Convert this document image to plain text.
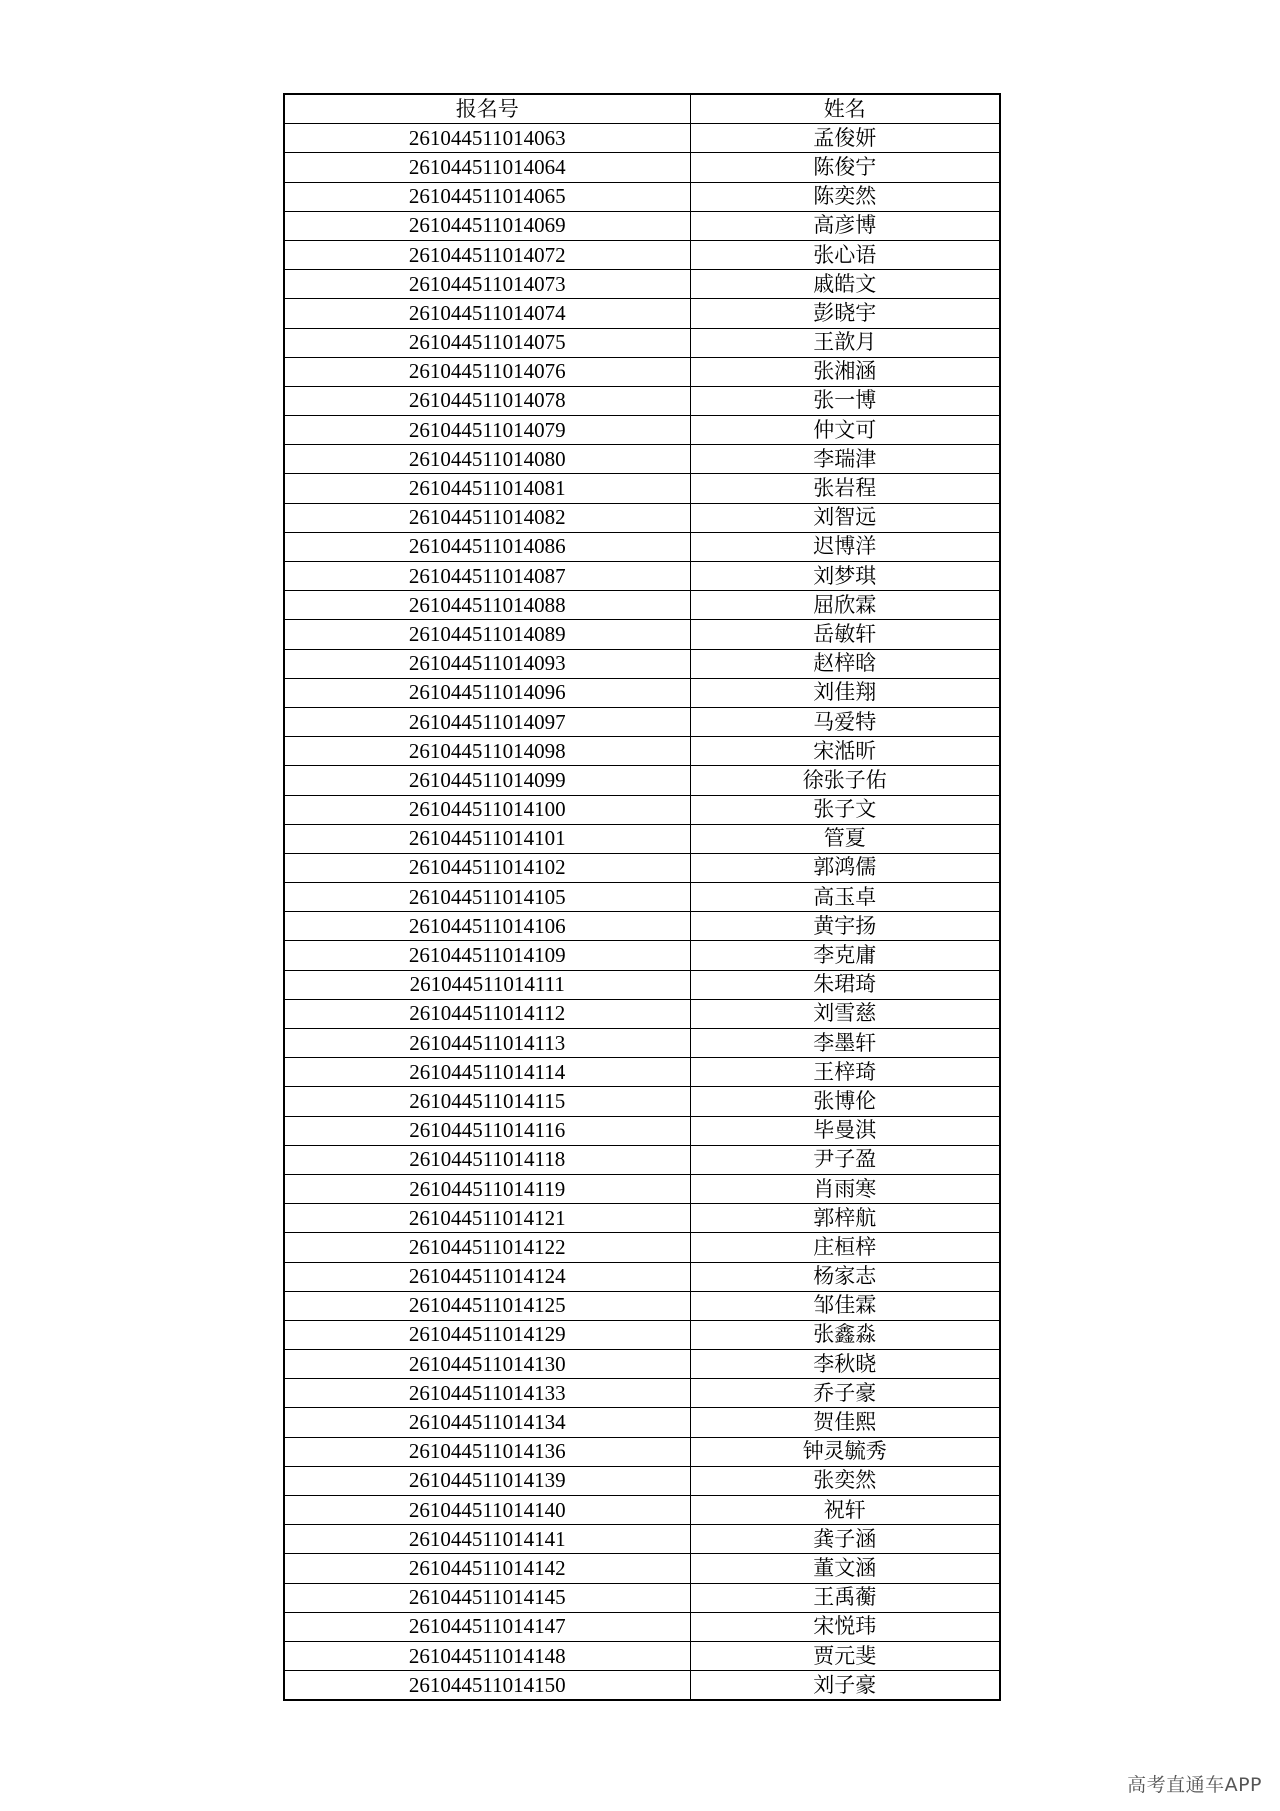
报名号	姓名
261044511014063	孟俊妍
261044511014064	陈俊宁
261044511014065	陈奕然
261044511014069	高彦博
261044511014072	张心语
261044511014073	戚皓文
261044511014074	彭晓宇
261044511014075	王歆月
261044511014076	张湘涵
261044511014078	张一博
261044511014079	仲文可
261044511014080	李瑞津
261044511014081	张岩程
261044511014082	刘智远
261044511014086	迟博洋
261044511014087	刘梦琪
261044511014088	屈欣霖
261044511014089	岳敏轩
261044511014093	赵梓晗
261044511014096	刘佳翔
261044511014097	马爱特
261044511014098	宋湉昕
261044511014099	徐张子佑
261044511014100	张子文
261044511014101	管夏
261044511014102	郭鸿儒
261044511014105	高玉卓
261044511014106	黄宇扬
261044511014109	李克庸
261044511014111	朱珺琦
261044511014112	刘雪慈
261044511014113	李墨轩
261044511014114	王梓琦
261044511014115	张博伦
261044511014116	毕曼淇
261044511014118	尹子盈
261044511014119	肖雨寒
261044511014121	郭梓航
261044511014122	庄桓梓
261044511014124	杨家志
261044511014125	邹佳霖
261044511014129	张鑫淼
261044511014130	李秋晓
261044511014133	乔子豪
261044511014134	贺佳熙
261044511014136	钟灵毓秀
261044511014139	张奕然
261044511014140	祝轩
261044511014141	龚子涵
261044511014142	董文涵
261044511014145	王禹蘅
261044511014147	宋悦玮
261044511014148	贾元斐
261044511014150	刘子豪
高考直通车APP
